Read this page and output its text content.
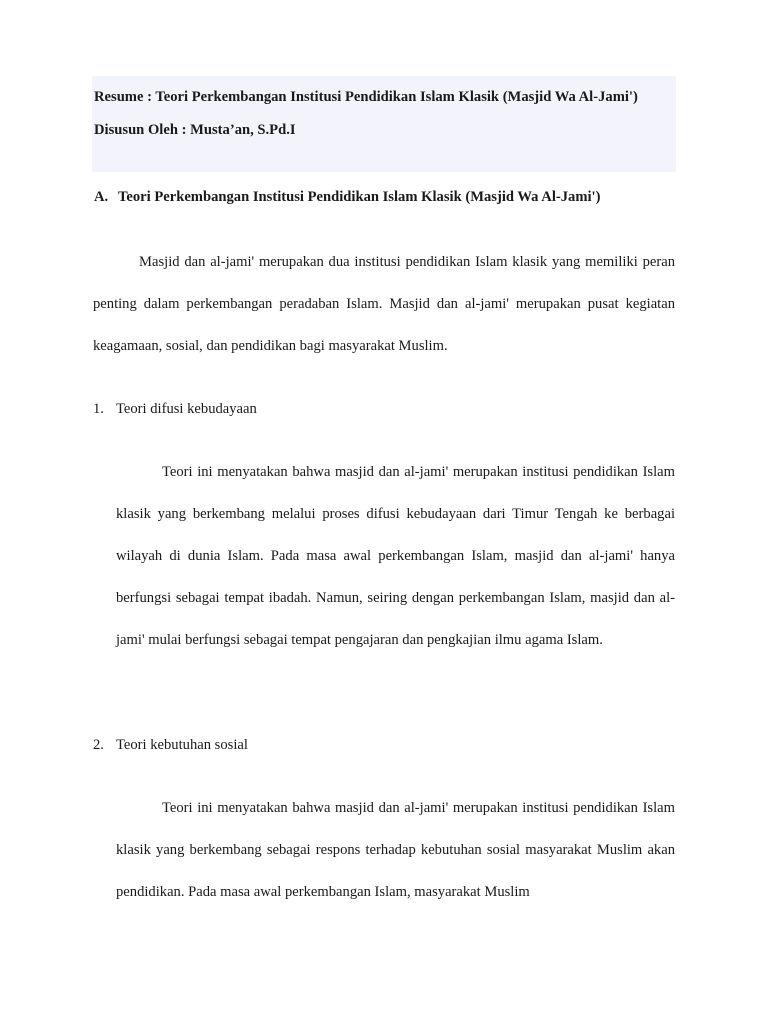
Resume : Teori Perkembangan Institusi Pendidikan Islam Klasik (Masjid Wa Al-Jami')
Disusun Oleh : Musta’an, S.Pd.I
A. Teori Perkembangan Institusi Pendidikan Islam Klasik (Masjid Wa Al-Jami')

Masjid dan al-jami' merupakan dua institusi pendidikan Islam klasik yang memiliki peran penting dalam perkembangan peradaban Islam. Masjid dan al-jami' merupakan pusat kegiatan keagamaan, sosial, dan pendidikan bagi masyarakat Muslim.

1. Teori difusi kebudayaan

Teori ini menyatakan bahwa masjid dan al-jami' merupakan institusi pendidikan Islam klasik yang berkembang melalui proses difusi kebudayaan dari Timur Tengah ke berbagai wilayah di dunia Islam. Pada masa awal perkembangan Islam, masjid dan al-jami' hanya berfungsi sebagai tempat ibadah. Namun, seiring dengan perkembangan Islam, masjid dan al-jami' mulai berfungsi sebagai tempat pengajaran dan pengkajian ilmu agama Islam.

2. Teori kebutuhan sosial

Teori ini menyatakan bahwa masjid dan al-jami' merupakan institusi pendidikan Islam klasik yang berkembang sebagai respons terhadap kebutuhan sosial masyarakat Muslim akan pendidikan. Pada masa awal perkembangan Islam, masyarakat Muslim
